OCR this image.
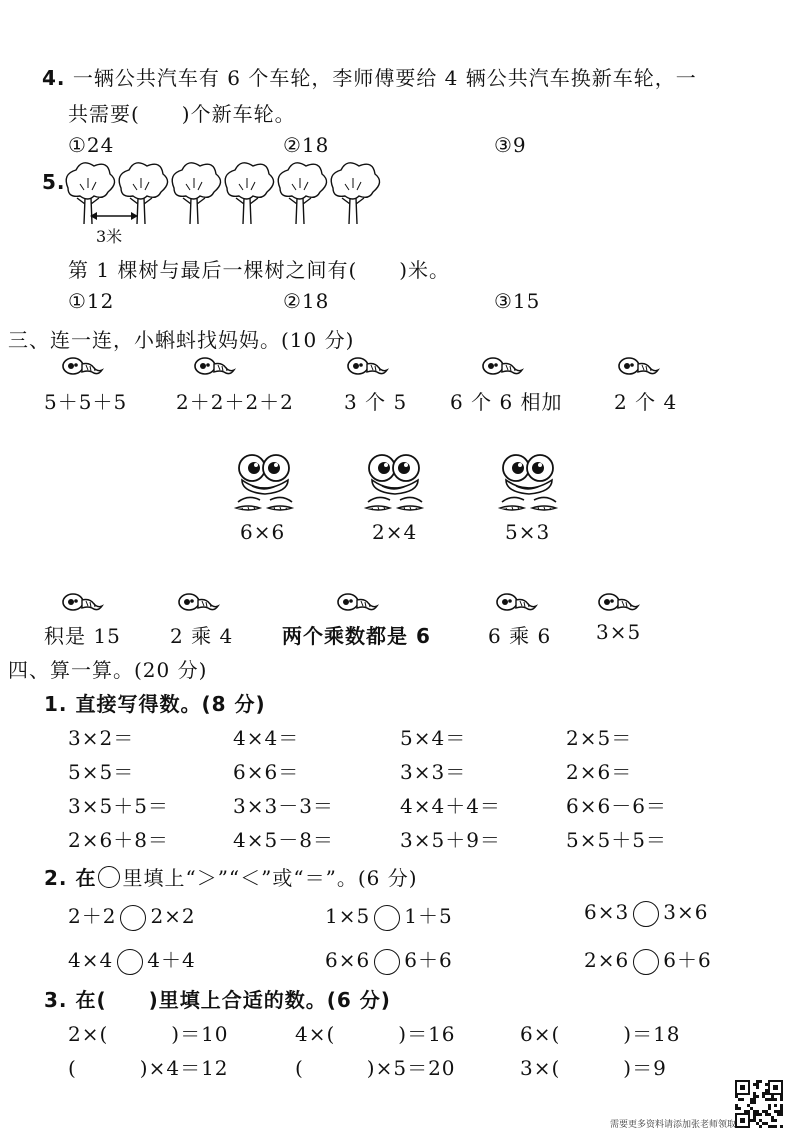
4. 一辆公共汽车有 6 个车轮，李师傅要给 4 辆公共汽车换新车轮，一
共需要(　　)个新车轮。
①24	②18	③9
5.
3米
第 1 棵树与最后一棵树之间有(　　)米。
①12	②18	③15
三、连一连，小蝌蚪找妈妈。(10 分)
5＋5＋5 2＋2＋2＋2	3 个 5 6 个 6 相加	2 个 4
6×6	2×4	5×3
积是 15 2 乘 4 两个乘数都是 6	6 乘 6 3×5
四、算一算。(20 分)
1. 直接写得数。(8 分)
3×2＝	4×4＝	5×4＝	2×5＝
5×5＝	6×6＝	3×3＝	2×6＝
3×5＋5＝	3×3－3＝	4×4＋4＝	6×6－6＝
2×6＋8＝	4×5－8＝	3×5＋9＝	5×5＋5＝
2. 在 里填上“＞”“＜”或“＝”。(6 分)
2＋2 2×2	1×5 1＋5	6×3 3×6
4×4 4＋4	6×6 6＋6	2×6 6＋6
3. 在(　　)里填上合适的数。(6 分)
2×(　　　)＝10	4×(　　　)＝16	6×(　　　)＝18
(　　　)×4＝12	(　　　)×5＝20	3×(　　　)＝9
需要更多资料请添加张老师领取
